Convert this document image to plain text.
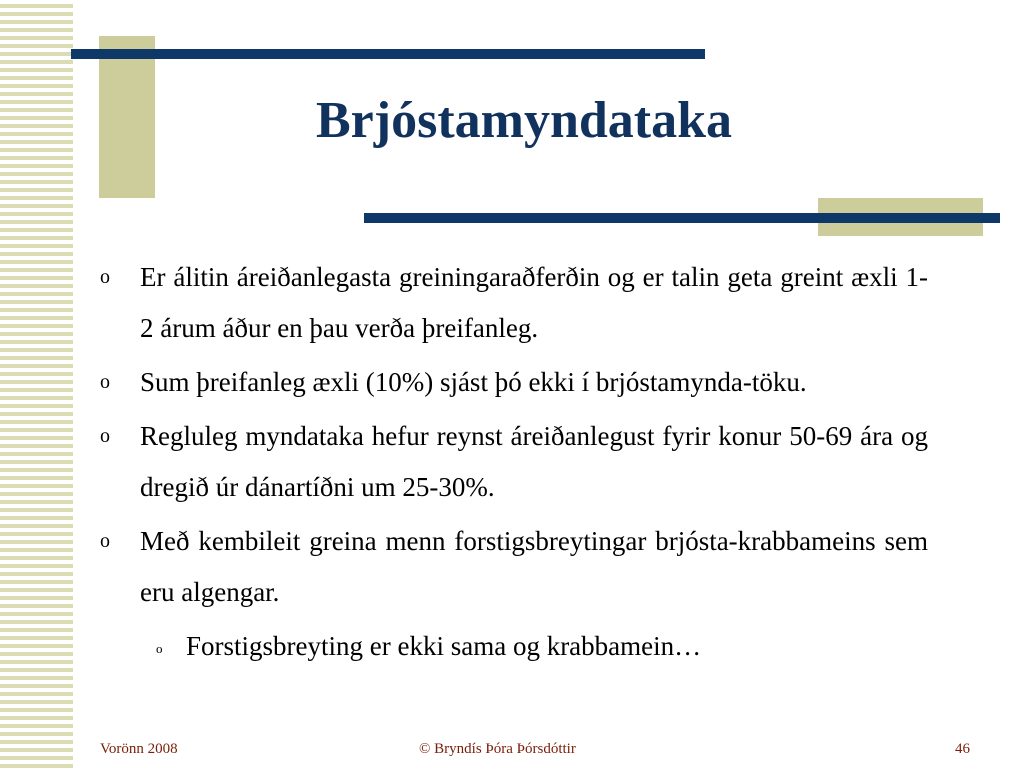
Brjóstamyndataka
o Er álitin áreiðanlegasta greiningaraðferðin og er talin geta greint æxli 1-2 árum áður en þau verða þreifanleg.
o Sum þreifanleg æxli (10%) sjást þó ekki í brjóstamynda-töku.
o Regluleg myndataka hefur reynst áreiðanlegust fyrir konur 50-69 ára og dregið úr dánartíðni um 25-30%.
o Með kembileit greina menn forstigsbreytingar brjósta-krabbameins sem eru algengar.
o Forstigsbreyting er ekki sama og krabbamein…
Vorönn 2008	© Bryndís Þóra Þórsdóttir	46
